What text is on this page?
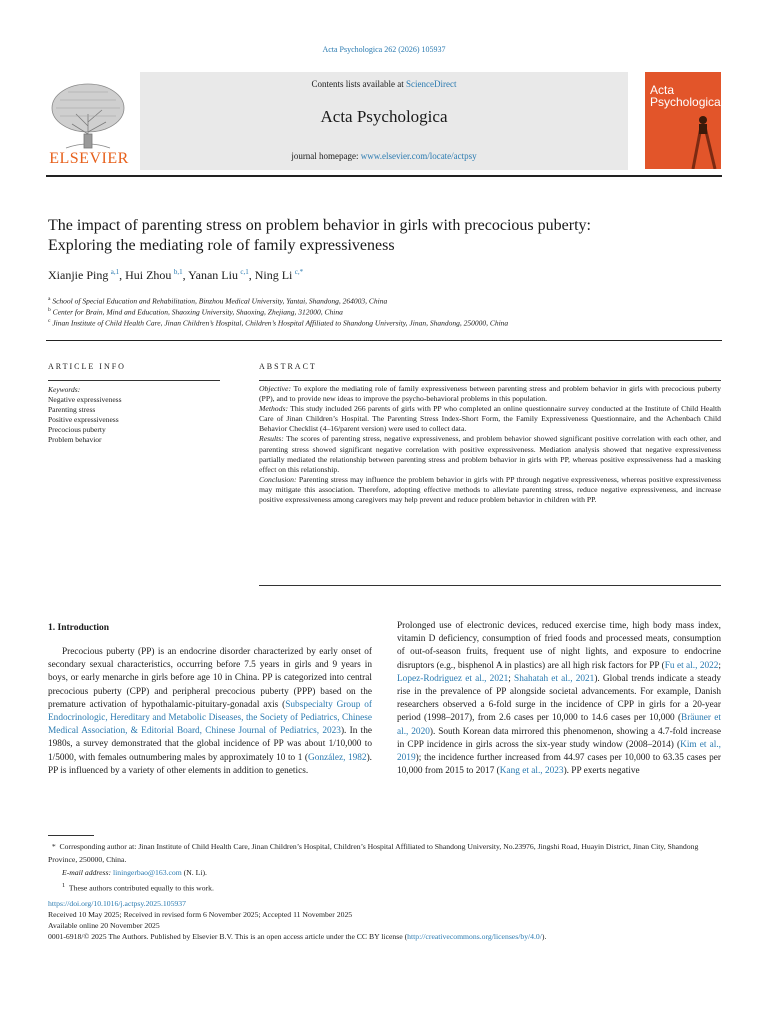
Acta Psychologica 262 (2026) 105937
ELSEVIER
Contents lists available at ScienceDirect
Acta Psychologica
journal homepage: www.elsevier.com/locate/actpsy
Acta
Psychologica
The impact of parenting stress on problem behavior in girls with precocious puberty: Exploring the mediating role of family expressiveness
Xianjie Ping  $^{a,1}$, Hui Zhou  $^{b,1}$, Yanan Liu  $^{c,1}$, Ning Li  $^{c,*}$
$^a$ School of Special Education and Rehabilitation, Binzhou Medical University, Yantai, Shandong, 264003, China
$^b$ Center for Brain, Mind and Education, Shaoxing University, Shaoxing, Zhejiang, 312000, China
$^c$ Jinan Institute of Child Health Care, Jinan Children’s Hospital, Children’s Hospital Affiliated to Shandong University, Jinan, Shandong, 250000, China
ARTICLE INFO
Keywords:
Negative expressiveness
Parenting stress
Positive expressiveness
Precocious puberty
Problem behavior
ABSTRACT

Objective: To explore the mediating role of family expressiveness between parenting stress and problem behavior in girls with precocious puberty (PP), and to provide new ideas to improve the psycho-behavioral problems in this population.

Methods: This study included 266 parents of girls with PP who completed an online questionnaire survey conducted at the Institute of Child Health Care of Jinan Children’s Hospital. The Parenting Stress Index-Short Form, the Family Expressiveness Questionnaire, and the Achenbach Child Behavior Checklist (4–16/parent version) were used to collect data.

Results: The scores of parenting stress, negative expressiveness, and problem behavior showed significant positive correlation with each other, and parenting stress showed significant negative correlation with positive expressiveness. Mediation analysis showed that negative expressiveness partially mediated the relationship between parenting stress and problem behavior in girls with PP, whereas positive expressiveness had a masking effect on this relationship.

Conclusion: Parenting stress may influence the problem behavior in girls with PP through negative expressiveness, whereas positive expressiveness may mitigate this association. Therefore, adopting effective methods to alleviate parenting stress, reduce negative expressiveness, and increase positive expressiveness among caregivers may help prevent and reduce problem behavior in children with PP.

1. Introduction

Precocious puberty (PP) is an endocrine disorder characterized by early onset of secondary sexual characteristics, occurring before 7.5 years in girls and 9 years in boys, or early menarche in girls before age 10 in China. PP is categorized into central precocious puberty (CPP) and peripheral precocious puberty (PPP) based on the premature activation of hypothalamic-pituitary-gonadal axis (Subspecialty Group of Endocrinologic, Hereditary and Metabolic Diseases, the Society of Pediatrics, Chinese Medical Association, & Editorial Board, Chinese Journal of Pediatrics, 2023). In the 1980s, a survey demonstrated that the global incidence of PP was about 1/10,000 to 1/5000, with females outnumbering males by approximately 10 to 1 (González, 1982). PP is influenced by a variety of other elements in addition to genetics.

Prolonged use of electronic devices, reduced exercise time, high body mass index, vitamin D deficiency, consumption of fried foods and processed meats, consumption of out-of-season fruits, frequent use of night lights, and exposure to endocrine disruptors (e.g., bisphenol A in plastics) are all high risk factors for PP (Fu et al., 2022; Lopez-Rodriguez et al., 2021; Shahatah et al., 2021). Global trends indicate a steady rise in the prevalence of PP alongside societal advancements. For example, Danish researchers observed a 6-fold surge in the incidence of CPP in girls for a 20-year period (1998–2017), from 2.6 cases per 10,000 to 14.6 cases per 10,000 (Bräuner et al., 2020). South Korean data mirrored this phenomenon, showing a 4.7-fold increase in CPP incidence in girls across the six-year study window (2008–2014) (Kim et al., 2019); the incidence further increased from 44.97 cases per 10,000 to 63.35 cases per 10,000 from 2015 to 2017 (Kang et al., 2023). PP exerts negative

* Corresponding author at: Jinan Institute of Child Health Care, Jinan Children’s Hospital, Children’s Hospital Affiliated to Shandong University, No.23976, Jingshi Road, Huayin District, Jinan City, Shandong Province, 250000, China.

E-mail address: liningerbao@163.com (N. Li).

$^1$ These authors contributed equally to this work.

https://doi.org/10.1016/j.actpsy.2025.105937

Received 10 May 2025; Received in revised form 6 November 2025; Accepted 11 November 2025

Available online 20 November 2025

0001-6918/© 2025 The Authors. Published by Elsevier B.V. This is an open access article under the CC BY license (http://creativecommons.org/licenses/by/4.0/).
